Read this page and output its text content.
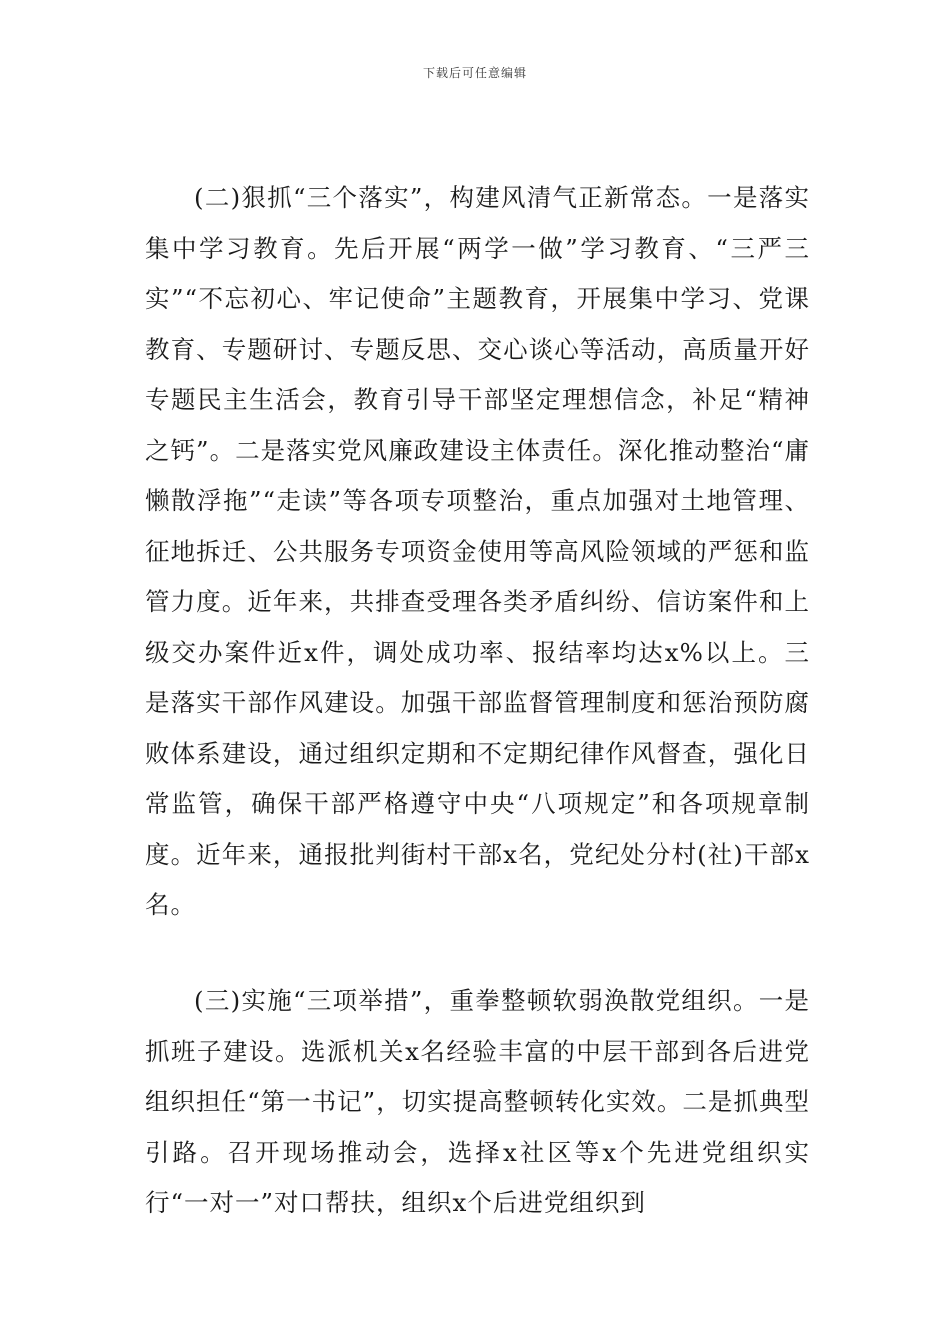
下载后可任意编辑

(二)狠抓“三个落实”，构建风清气正新常态。一是落实集中学习教育。先后开展“两学一做”学习教育、“三严三实”“不忘初心、牢记使命”主题教育，开展集中学习、党课教育、专题研讨、专题反思、交心谈心等活动，高质量开好专题民主生活会，教育引导干部坚定理想信念，补足“精神之钙”。二是落实党风廉政建设主体责任。深化推动整治“庸懒散浮拖”“走读”等各项专项整治，重点加强对土地管理、征地拆迁、公共服务专项资金使用等高风险领域的严惩和监管力度。近年来，共排查受理各类矛盾纠纷、信访案件和上级交办案件近x件，调处成功率、报结率均达x%以上。三是落实干部作风建设。加强干部监督管理制度和惩治预防腐败体系建设，通过组织定期和不定期纪律作风督查，强化日常监管，确保干部严格遵守中央“八项规定”和各项规章制度。近年来，通报批判街村干部x名，党纪处分村(社)干部x名。

(三)实施“三项举措”，重拳整顿软弱涣散党组织。一是抓班子建设。选派机关x名经验丰富的中层干部到各后进党组织担任“第一书记”，切实提高整顿转化实效。二是抓典型引路。召开现场推动会，选择x社区等x个先进党组织实行“一对一”对口帮扶，组织x个后进党组织到
